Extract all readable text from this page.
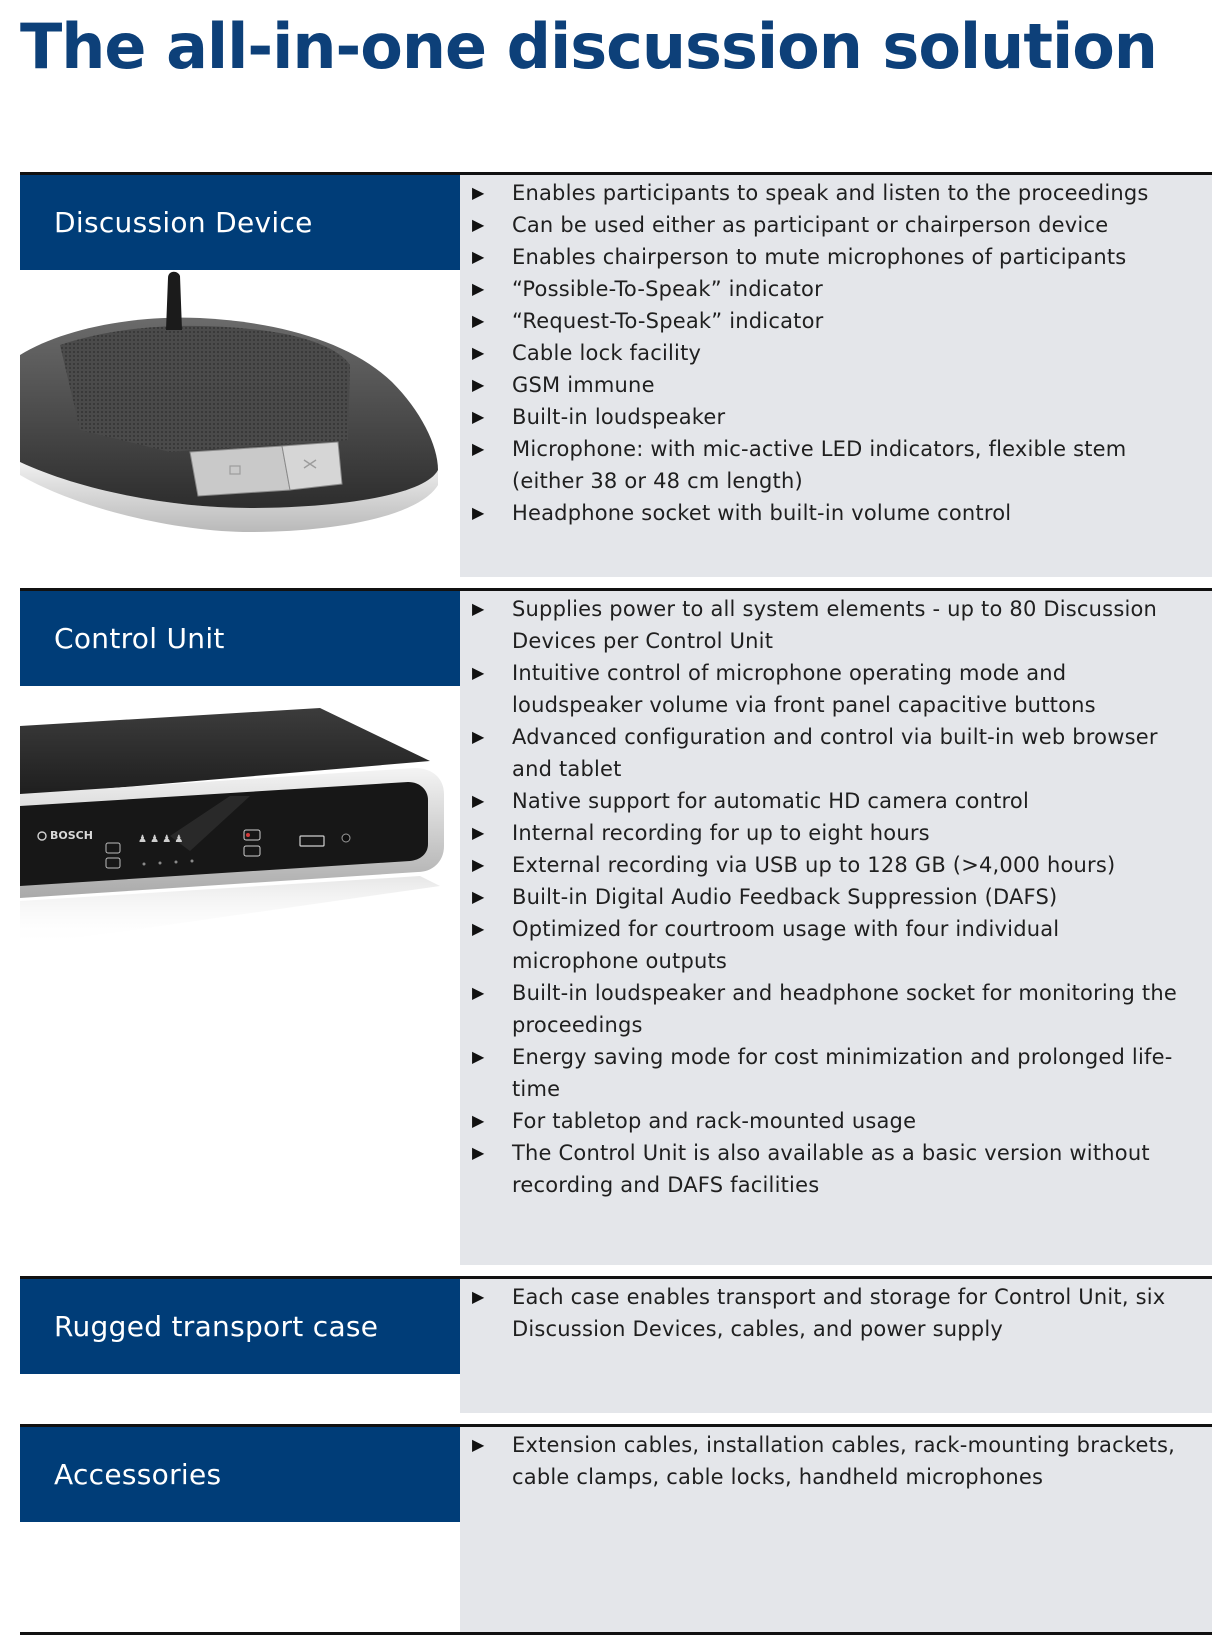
The all-in-one discussion solution
Discussion Device
▶ Enables participants to speak and listen to the proceedings
▶ Can be used either as participant or chairperson device
▶ Enables chairperson to mute microphones of participants
▶ “Possible-To-Speak” indicator
▶ “Request-To-Speak” indicator
▶ Cable lock facility
▶ GSM immune
▶ Built-in loudspeaker
▶ Microphone: with mic-active LED indicators, flexible stem (either 38 or 48 cm length)
▶ Headphone socket with built-in volume control
Control Unit
BOSCH	♟ ♟ ♟ ♟
▶ Supplies power to all system elements - up to 80 Discussion Devices per Control Unit
▶ Intuitive control of microphone operating mode and loudspeaker volume via front panel capacitive buttons
▶ Advanced configuration and control via built-in web browser and tablet
▶ Native support for automatic HD camera control
▶ Internal recording for up to eight hours
▶ External recording via USB up to 128 GB (>4,000 hours)
▶ Built-in Digital Audio Feedback Suppression (DAFS)
▶ Optimized for courtroom usage with four individual microphone outputs
▶ Built-in loudspeaker and headphone socket for monitoring the proceedings
▶ Energy saving mode for cost minimization and prolonged life-time
▶ For tabletop and rack-mounted usage
▶ The Control Unit is also available as a basic version without recording and DAFS facilities
Rugged transport case
▶ Each case enables transport and storage for Control Unit, six Discussion Devices, cables, and power supply
Accessories
▶ Extension cables, installation cables, rack-mounting brackets, cable clamps, cable locks, handheld microphones
